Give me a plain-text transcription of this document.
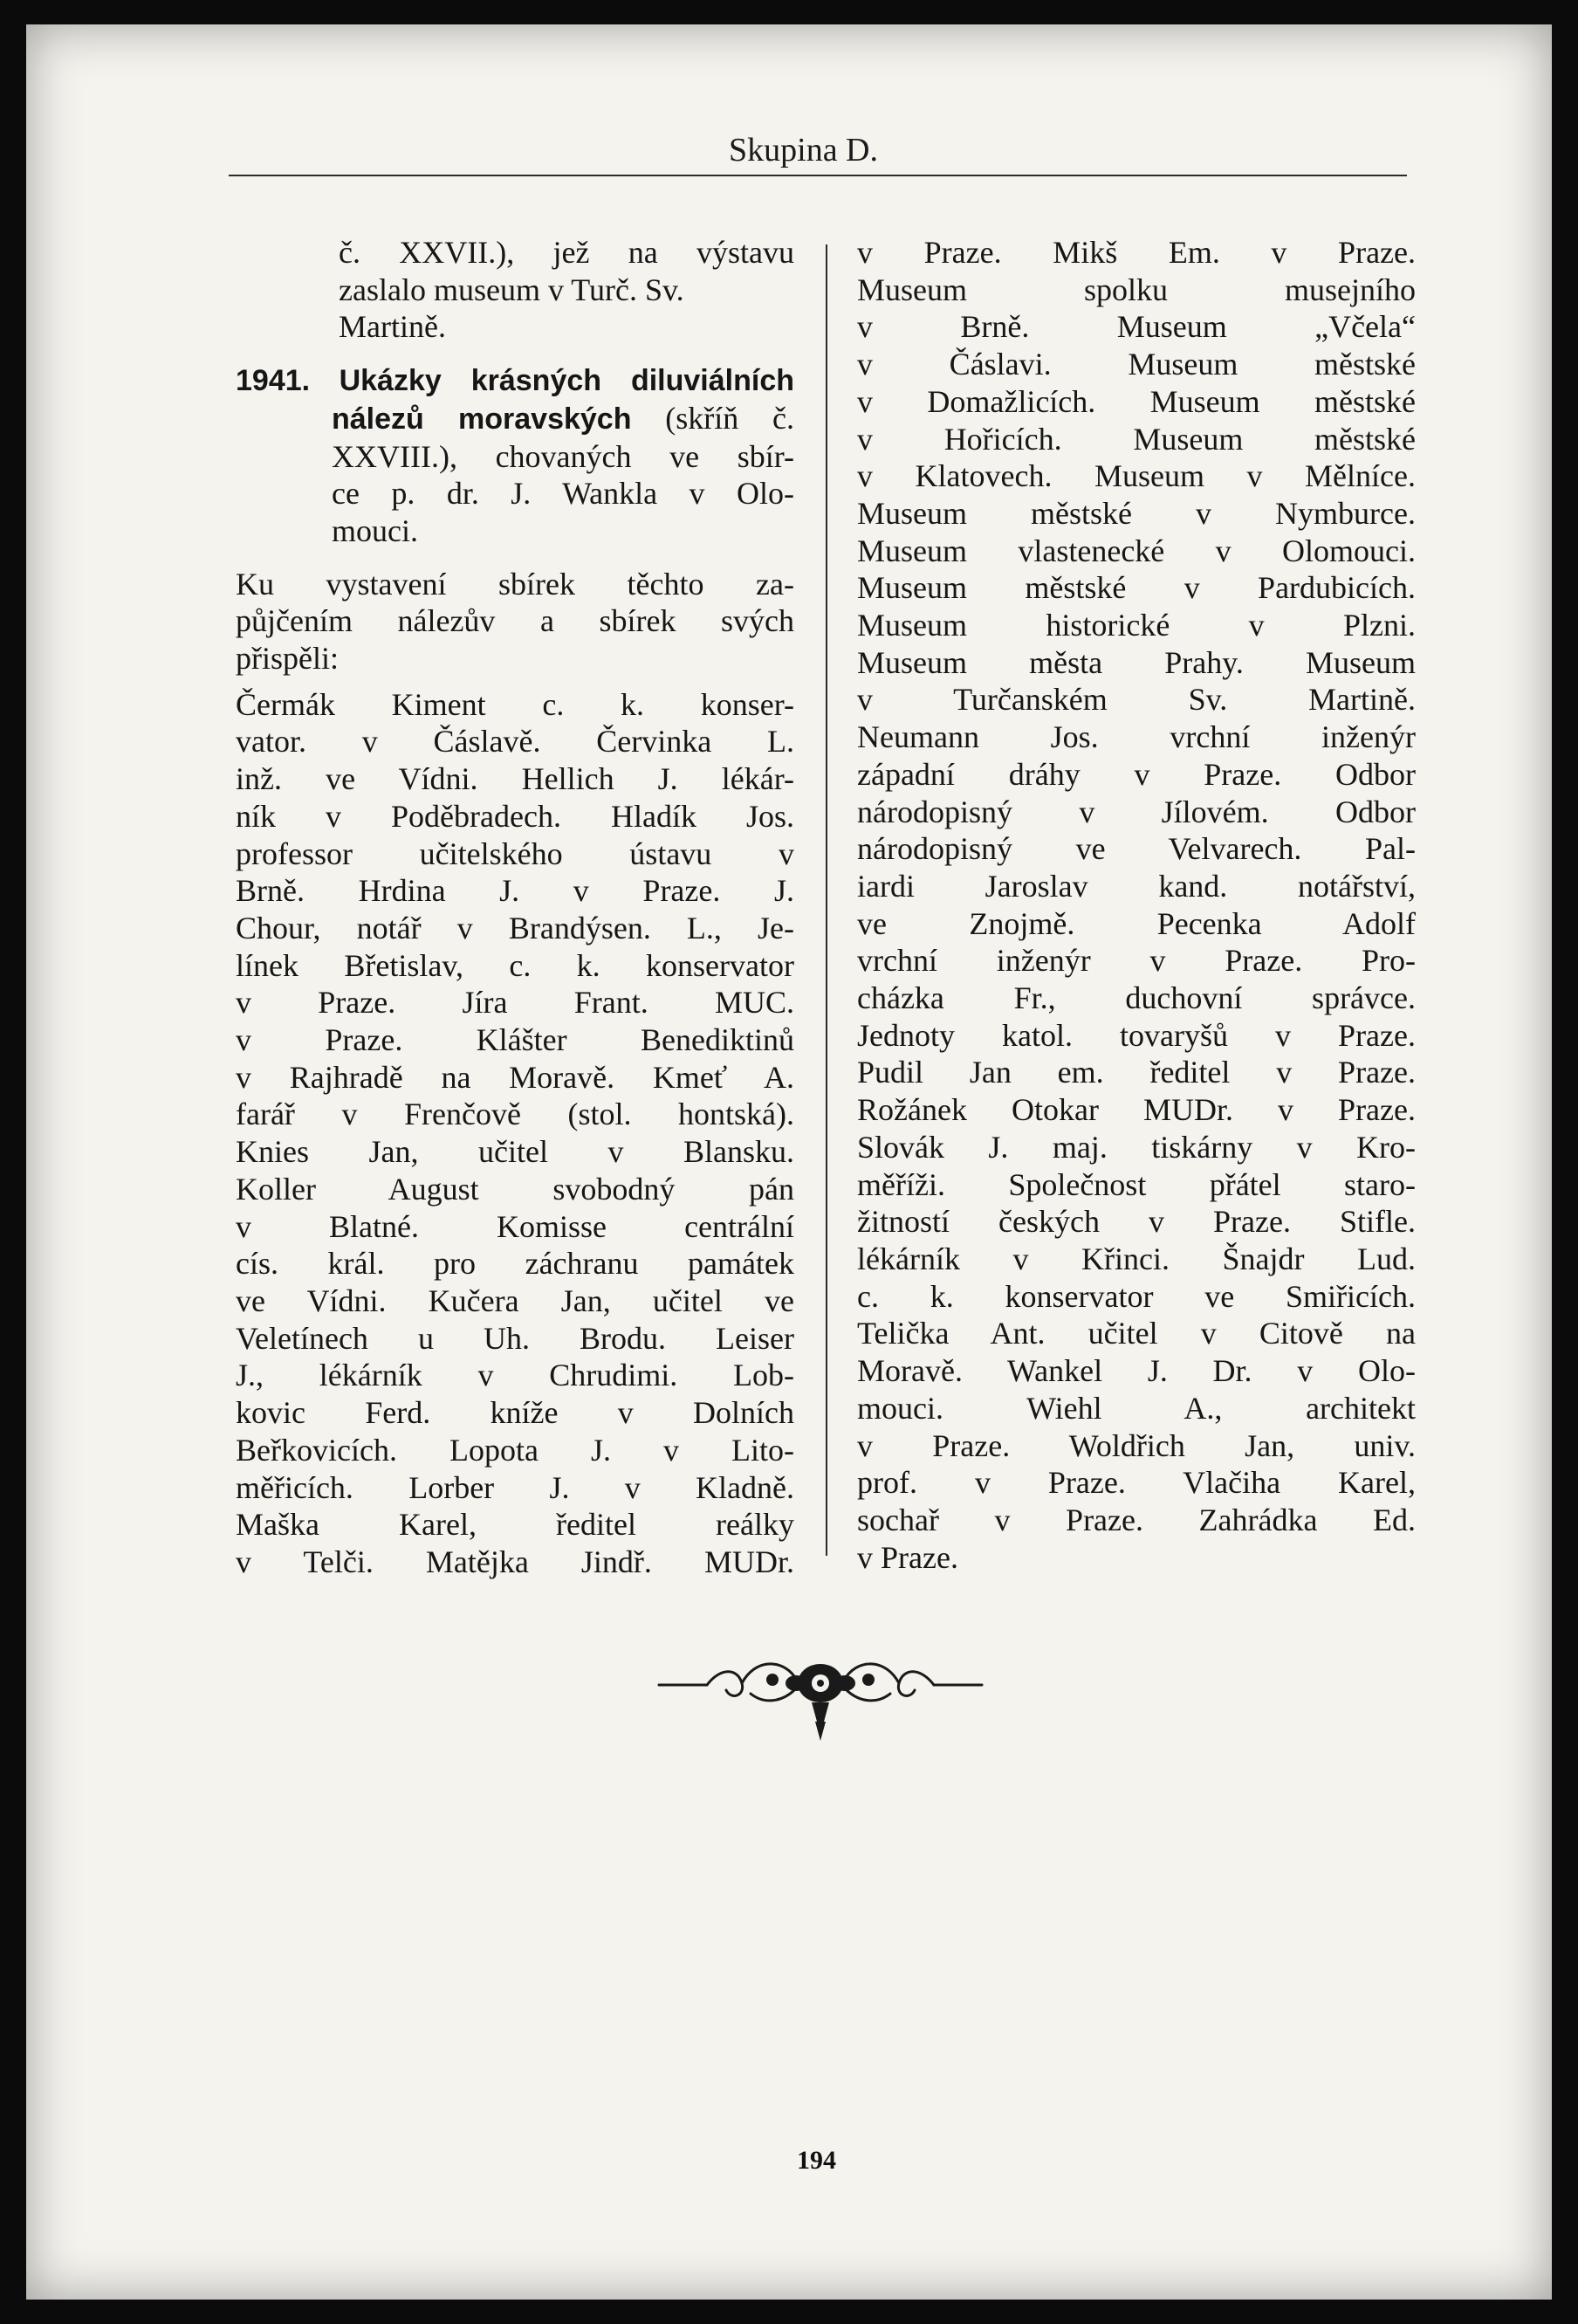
Skupina D.
č. XXVII.), jež na výstavu
zaslalo museum v Turč. Sv.
Martině.
1941. Ukázky krásných diluviálních
nálezů moravských (skříň č.
XXVIII.), chovaných ve sbír-
ce p. dr. J. Wankla v Olo-
mouci.
Ku vystavení sbírek těchto za-
půjčením nálezův a sbírek svých
přispěli:
Čermák Kiment c. k. konser-
vator. v Čáslavě. Červinka L.
inž. ve Vídni. Hellich J. lékár-
ník v Poděbradech. Hladík Jos.
professor učitelského ústavu v
Brně. Hrdina J. v Praze. J.
Chour, notář v Brandýsen. L., Je-
línek Břetislav, c. k. konservator
v Praze. Jíra Frant. MUC.
v Praze. Klášter Benediktinů
v Rajhradě na Moravě. Kmeť A.
farář v Frenčově (stol. hontská).
Knies Jan, učitel v Blansku.
Koller August svobodný pán
v Blatné. Komisse centrální
cís. král. pro záchranu památek
ve Vídni. Kučera Jan, učitel ve
Veletínech u Uh. Brodu. Leiser
J., lékárník v Chrudimi. Lob-
kovic Ferd. kníže v Dolních
Beřkovicích. Lopota J. v Lito-
měřicích. Lorber J. v Kladně.
Maška Karel, ředitel reálky
v Telči. Matějka Jindř. MUDr.
v Praze. Mikš Em. v Praze.
Museum spolku musejního
v Brně. Museum „Včela“
v Čáslavi. Museum městské
v Domažlicích. Museum městské
v Hořicích. Museum městské
v Klatovech. Museum v Mělníce.
Museum městské v Nymburce.
Museum vlastenecké v Olomouci.
Museum městské v Pardubicích.
Museum historické v Plzni.
Museum města Prahy. Museum
v Turčanském Sv. Martině.
Neumann Jos. vrchní inženýr
západní dráhy v Praze. Odbor
národopisný v Jílovém. Odbor
národopisný ve Velvarech. Pal-
iardi Jaroslav kand. notářství,
ve Znojmě. Pecenka Adolf
vrchní inženýr v Praze. Pro-
cházka Fr., duchovní správce.
Jednoty katol. tovaryšů v Praze.
Pudil Jan em. ředitel v Praze.
Rožánek Otokar MUDr. v Praze.
Slovák J. maj. tiskárny v Kro-
měříži. Společnost přátel staro-
žitností českých v Praze. Stifle.
lékárník v Křinci. Šnajdr Lud.
c. k. konservator ve Smiřicích.
Telička Ant. učitel v Citově na
Moravě. Wankel J. Dr. v Olo-
mouci. Wiehl A., architekt
v Praze. Woldřich Jan, univ.
prof. v Praze. Vlačiha Karel,
sochař v Praze. Zahrádka Ed.
v Praze.
194
